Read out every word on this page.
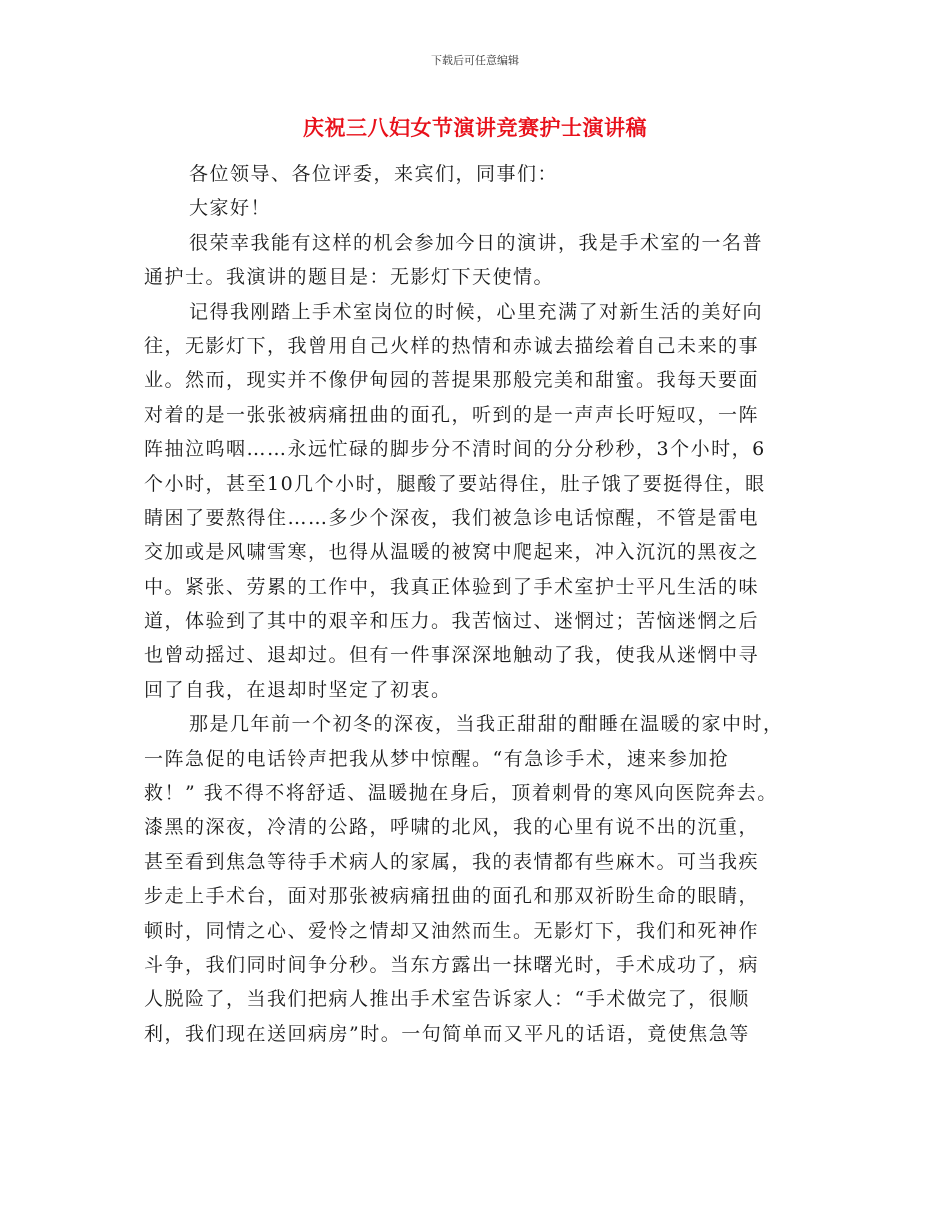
下载后可任意编辑
庆祝三八妇女节演讲竞赛护士演讲稿
各位领导、各位评委，来宾们，同事们：
大家好！
很荣幸我能有这样的机会参加今日的演讲，我是手术室的一名普
通护士。我演讲的题目是：无影灯下天使情。
记得我刚踏上手术室岗位的时候，心里充满了对新生活的美好向
往，无影灯下，我曾用自己火样的热情和赤诚去描绘着自己未来的事
业。然而，现实并不像伊甸园的菩提果那般完美和甜蜜。我每天要面
对着的是一张张被病痛扭曲的面孔，听到的是一声声长吁短叹，一阵
阵抽泣呜咽……永远忙碌的脚步分不清时间的分分秒秒，3个小时，6
个小时，甚至10几个小时，腿酸了要站得住，肚子饿了要挺得住，眼
睛困了要熬得住……多少个深夜，我们被急诊电话惊醒，不管是雷电
交加或是风啸雪寒，也得从温暖的被窝中爬起来，冲入沉沉的黑夜之
中。紧张、劳累的工作中，我真正体验到了手术室护士平凡生活的味
道，体验到了其中的艰辛和压力。我苦恼过、迷惘过；苦恼迷惘之后
也曾动摇过、退却过。但有一件事深深地触动了我，使我从迷惘中寻
回了自我，在退却时坚定了初衷。
那是几年前一个初冬的深夜，当我正甜甜的酣睡在温暖的家中时，
一阵急促的电话铃声把我从梦中惊醒。“有急诊手术，速来参加抢
救！” 我不得不将舒适、温暖抛在身后，顶着刺骨的寒风向医院奔去。
漆黑的深夜，冷清的公路，呼啸的北风，我的心里有说不出的沉重，
甚至看到焦急等待手术病人的家属，我的表情都有些麻木。可当我疾
步走上手术台，面对那张被病痛扭曲的面孔和那双祈盼生命的眼睛，
顿时，同情之心、爱怜之情却又油然而生。无影灯下，我们和死神作
斗争，我们同时间争分秒。当东方露出一抹曙光时，手术成功了，病
人脱险了，当我们把病人推出手术室告诉家人：“手术做完了，很顺
利，我们现在送回病房”时。一句简单而又平凡的话语，竟使焦急等
